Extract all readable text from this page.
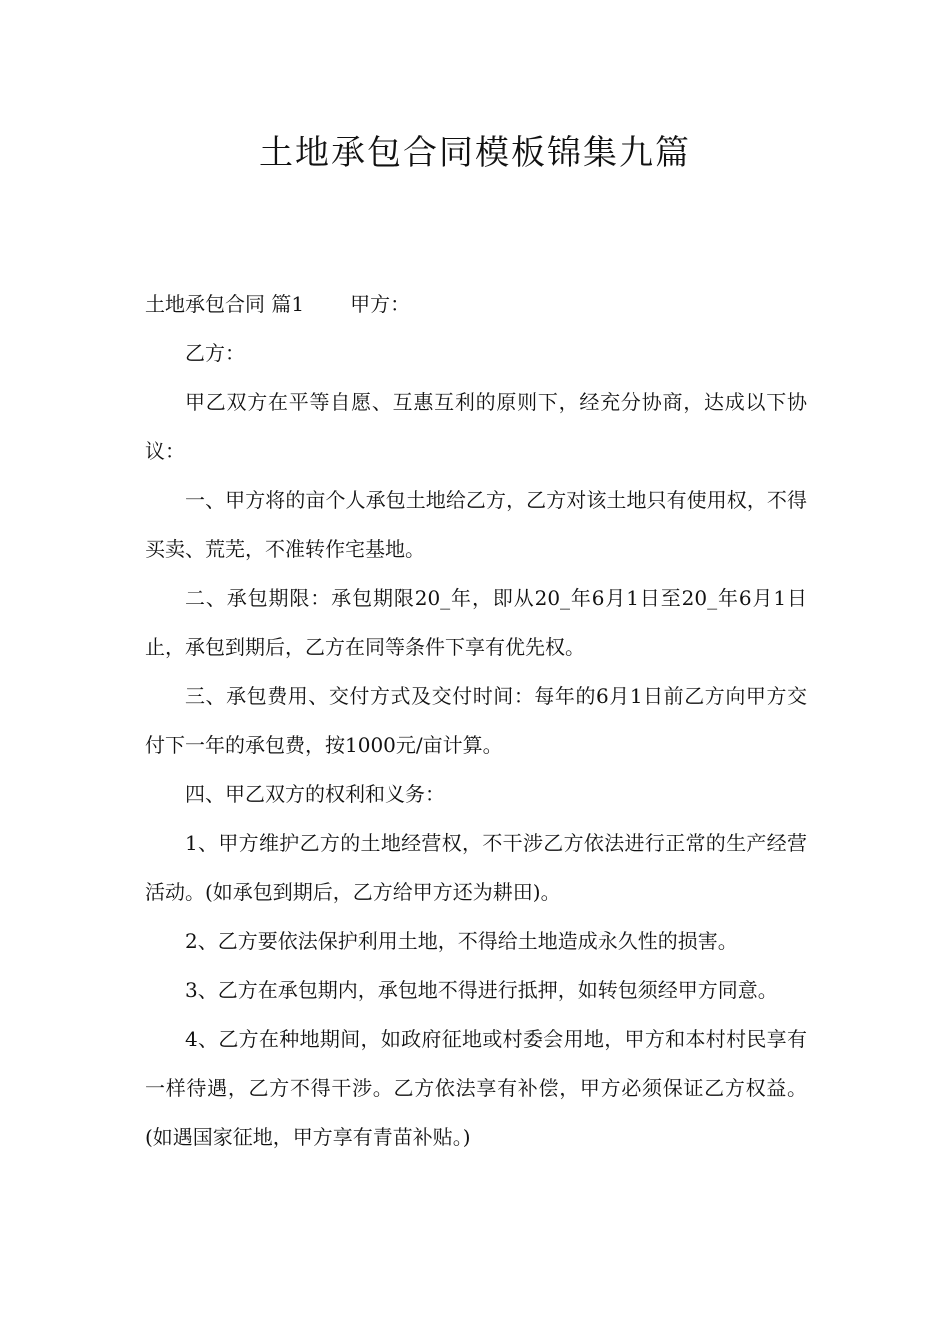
土地承包合同模板锦集九篇

土地承包合同 篇1 甲方：

乙方：

甲乙双方在平等自愿、互惠互利的原则下，经充分协商，达成以下协议：

一、甲方将的亩个人承包土地给乙方，乙方对该土地只有使用权，不得买卖、荒芜，不准转作宅基地。

二、承包期限：承包期限20_年，即从20_年6月1日至20_年6月1日止，承包到期后，乙方在同等条件下享有优先权。

三、承包费用、交付方式及交付时间：每年的6月1日前乙方向甲方交付下一年的承包费，按1000元/亩计算。

四、甲乙双方的权利和义务：

1、甲方维护乙方的土地经营权，不干涉乙方依法进行正常的生产经营活动。(如承包到期后，乙方给甲方还为耕田)。

2、乙方要依法保护利用土地，不得给土地造成永久性的损害。

3、乙方在承包期内，承包地不得进行抵押，如转包须经甲方同意。

4、乙方在种地期间，如政府征地或村委会用地，甲方和本村村民享有一样待遇，乙方不得干涉。乙方依法享有补偿，甲方必须保证乙方权益。(如遇国家征地，甲方享有青苗补贴。)
